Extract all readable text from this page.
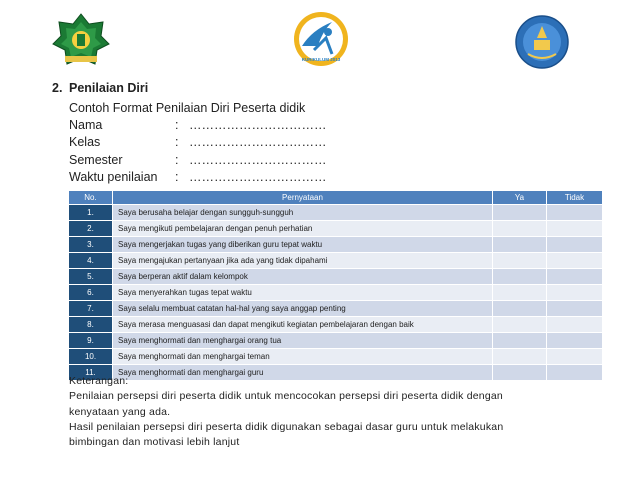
KURIKULUM 2013
2. Penilaian Diri
Contoh Format Penilaian Diri Peserta didik
Nama	: ……………………………
Kelas	: ……………………………
Semester	: ……………………………
Waktu penilaian	: ……………………………
No.	Pernyataan	Ya	Tidak
1.	Saya berusaha belajar dengan sungguh-sungguh		
2.	Saya mengikuti pembelajaran dengan penuh perhatian		
3.	Saya mengerjakan tugas yang diberikan guru tepat waktu		
4.	Saya mengajukan pertanyaan jika ada yang tidak dipahami		
5.	Saya berperan aktif dalam kelompok		
6.	Saya menyerahkan tugas tepat waktu		
7.	Saya selalu membuat catatan hal-hal yang saya anggap penting		
8.	Saya merasa menguasasi dan dapat mengikuti kegiatan pembelajaran dengan baik		
9.	Saya menghormati dan menghargai orang tua		
10.	Saya menghormati dan menghargai teman		
11.	Saya menghormati dan menghargai guru		
Keterangan:
Penilaian persepsi diri peserta didik untuk mencocokan persepsi diri peserta didik dengan
kenyataan yang ada.
Hasil penilaian persepsi diri peserta didik digunakan sebagai dasar guru untuk melakukan
bimbingan dan motivasi lebih lanjut
